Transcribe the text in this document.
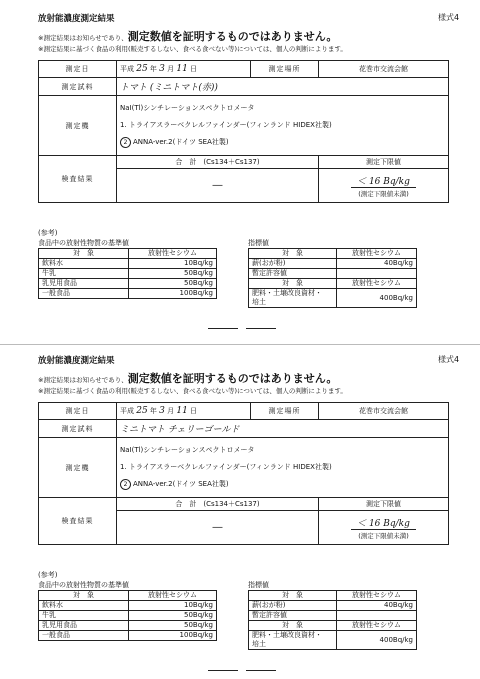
放射能濃度測定結果	様式4
※測定結果はお知らせであり、測定数値を証明するものではありません。
※測定結果に基づく食品の利用(販売するしない、食べる食べない等)については、個人の判断によります。
測定日	平成 25 年 3 月 11 日	測定場所	花巻市交流会館
測定試料	トマト (ミニトマト(赤))		
測定機	NaI(Tl)シンチレーションスペクトロメータ
1. トライアスラーベクレルファインダー(フィンランド HIDEX社製)
2 ANNA-ver.2(ドイツ SEA社製)		

検査結果	合　計　(Cs134＋Cs137)		測定下限値
	―		＜ 16 Bq/kg
(測定下限値未満)
(参考)
食品中の放射性物質の基準値
対　象	放射性セシウム
飲料水	10Bq/kg
牛乳	50Bq/kg
乳児用食品	50Bq/kg
一般食品	100Bq/kg
指標値
対　象	放射性セシウム
薪(おが粉)	40Bq/kg
暫定許容値	
対　象	放射性セシウム

肥料・土壌改良資材・
培土	400Bq/kg
放射能濃度測定結果	様式4
※測定結果はお知らせであり、測定数値を証明するものではありません。
※測定結果に基づく食品の利用(販売するしない、食べる食べない等)については、個人の判断によります。
測定日	平成 25 年 3 月 11 日	測定場所	花巻市交流会館
測定試料	ミニトマト チェリーゴールド		
測定機	NaI(Tl)シンチレーションスペクトロメータ
1. トライアスラーベクレルファインダー(フィンランド HIDEX社製)
2 ANNA-ver.2(ドイツ SEA社製)		

検査結果	合　計　(Cs134＋Cs137)		測定下限値
	―		＜ 16 Bq/kg
(測定下限値未満)
(参考)
食品中の放射性物質の基準値
対　象	放射性セシウム
飲料水	10Bq/kg
牛乳	50Bq/kg
乳児用食品	50Bq/kg
一般食品	100Bq/kg
指標値
対　象	放射性セシウム
薪(おが粉)	40Bq/kg
暫定許容値	
対　象	放射性セシウム

肥料・土壌改良資材・
培土	400Bq/kg
